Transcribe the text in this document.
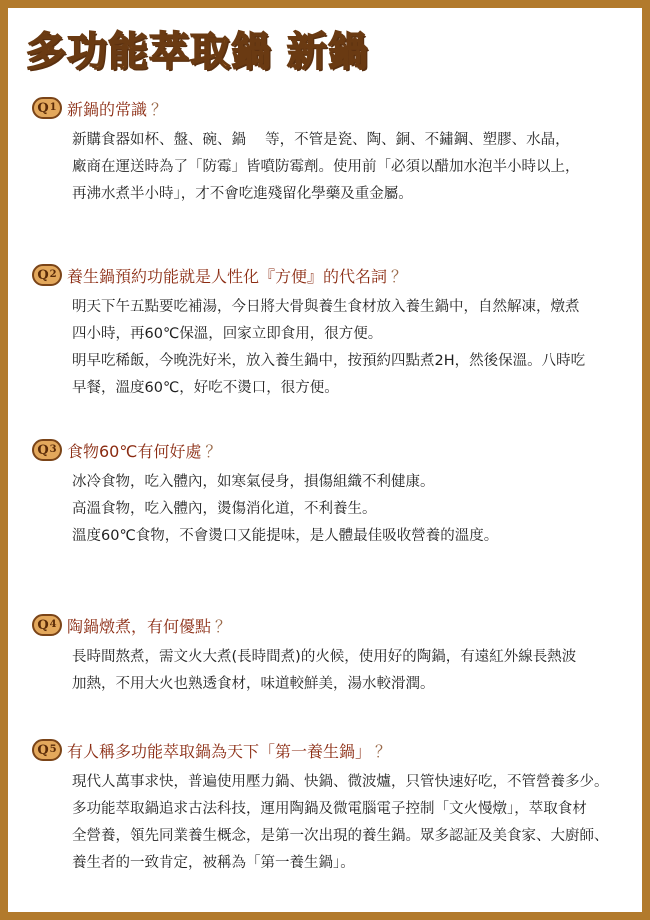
多功能萃取鍋 新鍋
Q 1 新鍋的常識 ？

新購食器如杯、盤、碗、鍋　 等，不管是瓷、陶、銅、不鏽鋼、塑膠、水晶，

廠商在運送時為了「防霉」皆噴防霉劑。使用前「必須以醋加水泡半小時以上，

再沸水煮半小時」，才不會吃進殘留化學藥及重金屬。

Q 2 養生鍋預約功能就是人性化『方便』的代名詞 ？

明天下午五點要吃補湯，今日將大骨與養生食材放入養生鍋中，自然解凍，燉煮

四小時，再60℃保溫，回家立即食用，很方便。

明早吃稀飯，今晚洗好米，放入養生鍋中，按預約四點煮2H，然後保溫。八時吃

早餐，溫度60℃，好吃不燙口，很方便。

Q 3 食物60℃有何好處 ？

冰冷食物，吃入體內，如寒氣侵身，損傷組織不利健康。

高溫食物，吃入體內，燙傷消化道，不利養生。

溫度60℃食物，不會燙口又能提味，是人體最佳吸收營養的溫度。

Q 4 陶鍋燉煮，有何優點 ？

長時間熬煮，需文火大煮(長時間煮)的火候，使用好的陶鍋，有遠紅外線長熱波

加熱，不用大火也熟透食材，味道較鮮美，湯水較滑潤。

Q 5 有人稱多功能萃取鍋為天下「第一養生鍋」 ？

現代人萬事求快，普遍使用壓力鍋、快鍋、微波爐，只管快速好吃，不管營養多少。

多功能萃取鍋追求古法科技，運用陶鍋及微電腦電子控制「文火慢燉」，萃取食材

全營養，領先同業養生概念，是第一次出現的養生鍋。眾多認証及美食家、大廚師、

養生者的一致肯定，被稱為「第一養生鍋」。
